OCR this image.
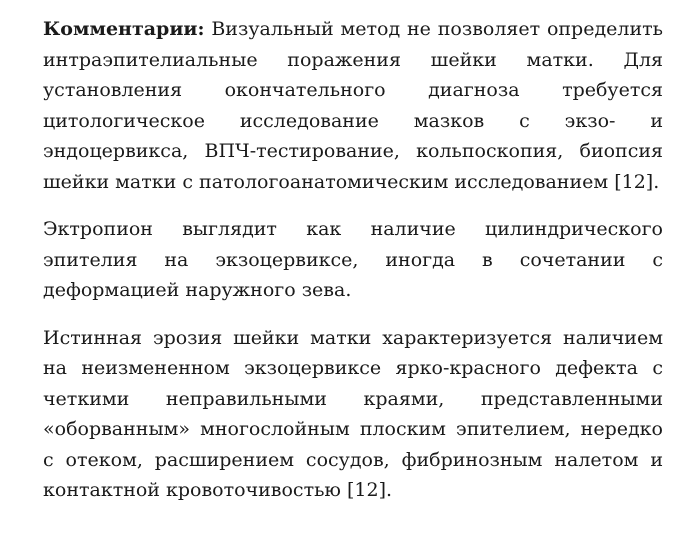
Комментарии: Визуальный метод не позволяет определить интраэпителиальные поражения шейки матки. Для установления окончательного диагноза требуется цитологическое исследование мазков с экзо- и эндоцервикса, ВПЧ-тестирование, кольпоскопия, биопсия шейки матки с патологоанатомическим исследованием [12].

Эктропион выглядит как наличие цилиндрического эпителия на экзоцервиксе, иногда в сочетании с деформацией наружного зева.

Истинная эрозия шейки матки характеризуется наличием на неизмененном экзоцервиксе ярко-красного дефекта с четкими неправильными краями, представленными «оборванным» многослойным плоским эпителием, нередко с отеком, расширением сосудов, фибринозным налетом и контактной кровоточивостью [12].
